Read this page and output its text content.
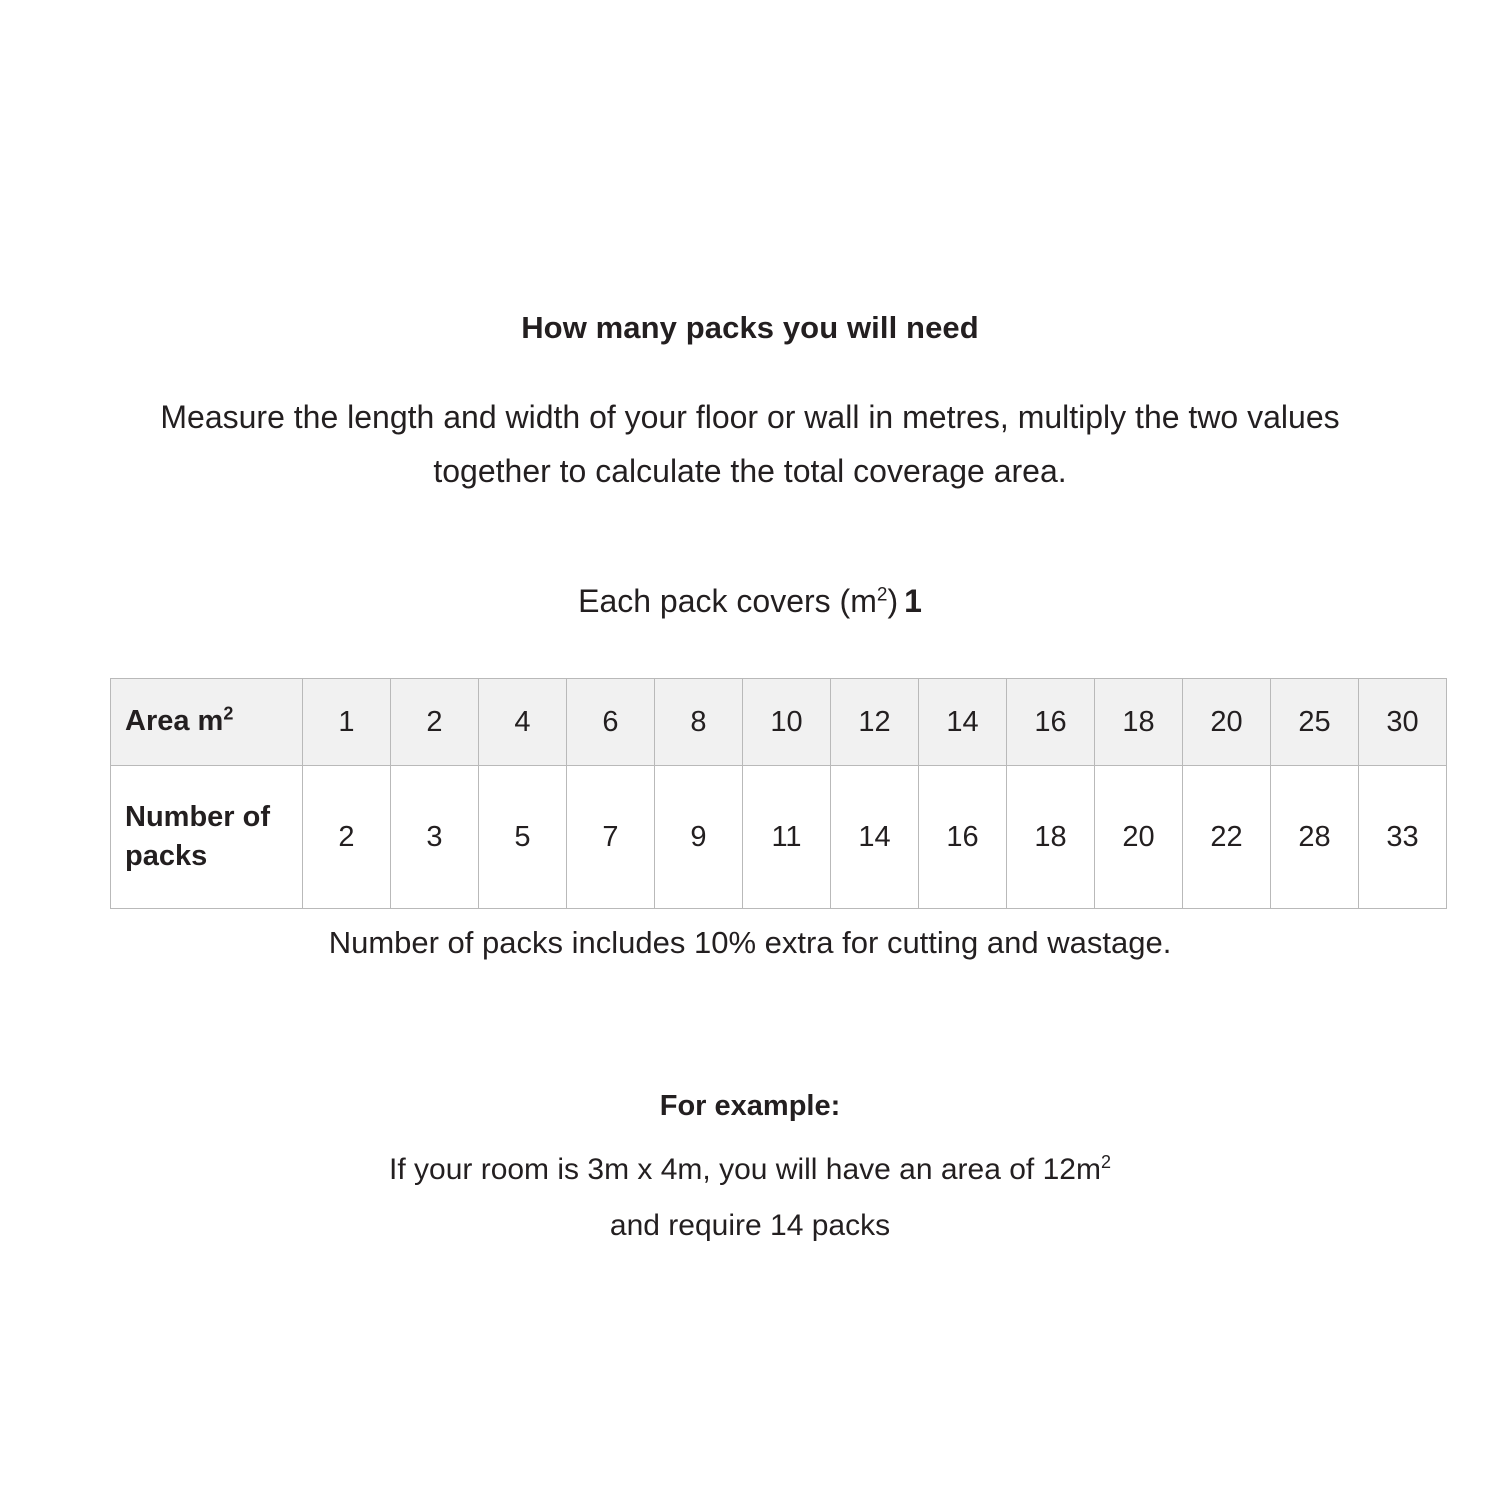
How many packs you will need
Measure the length and width of your floor or wall in metres, multiply the two values together to calculate the total coverage area.
Each pack covers $(m^2)$ 1
Area $m^2$	1	2	4	6	8	10	12	14	16	18	20	25	30
Number of packs	2	3	5	7	9	11	14	16	18	20	22	28	33
Number of packs includes 10% extra for cutting and wastage.
For example:
If your room is 3m x 4m, you will have an area of $12m^2$
and require 14 packs
